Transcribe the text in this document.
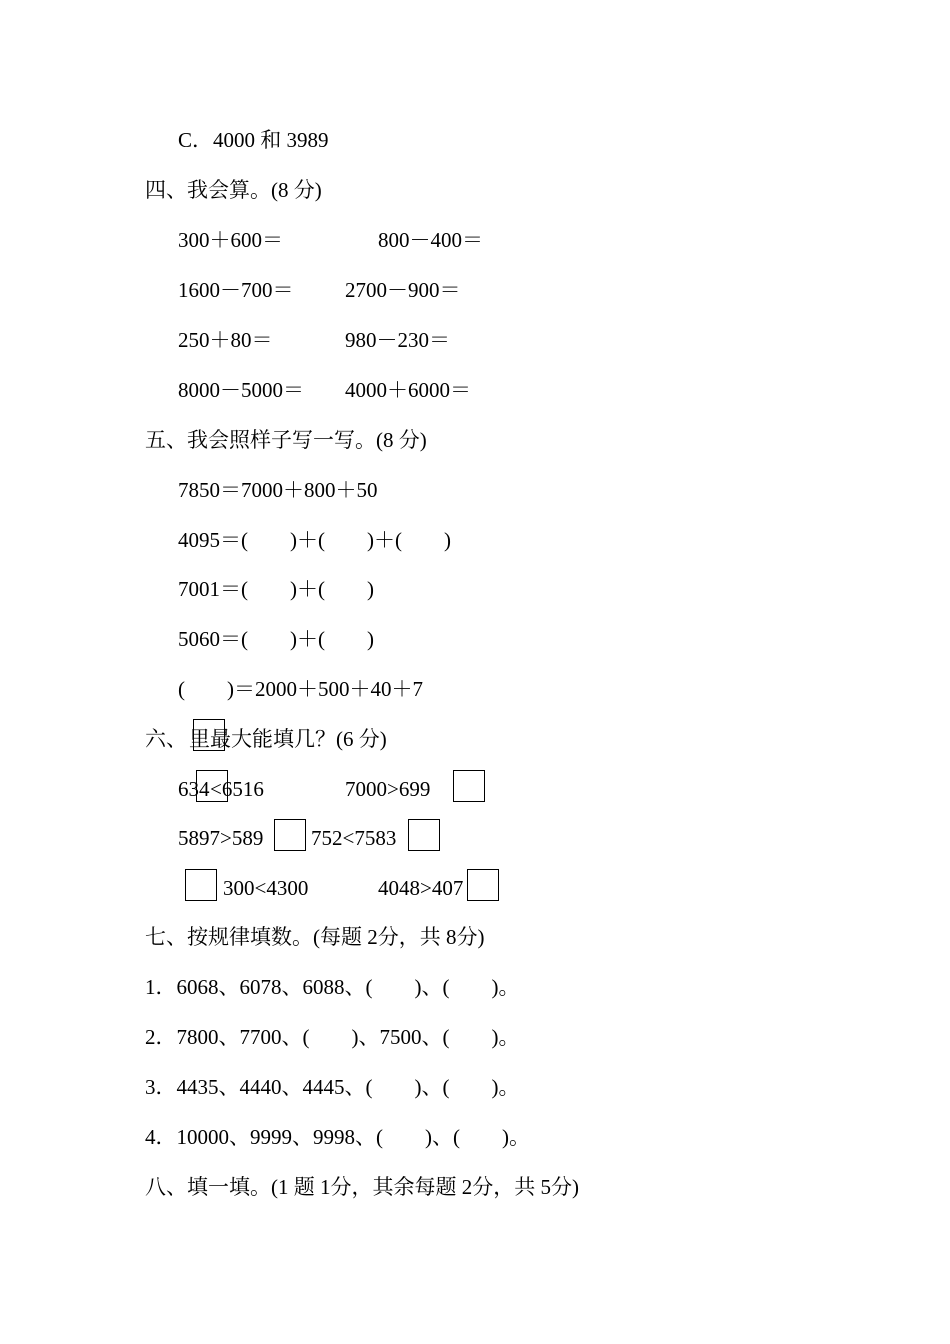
C．4000 和 3989
四、我会算。(8 分)
300＋600＝	800－400＝
1600－700＝ 2700－900＝
250＋80＝	980－230＝
8000－5000＝ 4000＋6000＝
五、我会照样子写一写。(8 分)
7850＝7000＋800＋50
4095＝(　　)＋(　　)＋(　　)
7001＝(　　)＋(　　)
5060＝(　　)＋(　　)
(　　)＝2000＋500＋40＋7
六、 里最大能填几？(6 分)
634 <6516	7000>699
5897>589 752<7583
300<4300	4048>407
七、按规律填数。(每题 2分，共 8分)
1．6068、6078、6088、(　　)、(　　)。
2．7800、7700、(　　)、7500、(　　)。
3．4435、4440、4445、(　　)、(　　)。
4．10000、9999、9998、(　　)、(　　)。
八、填一填。(1 题 1分，其余每题 2分，共 5分)
